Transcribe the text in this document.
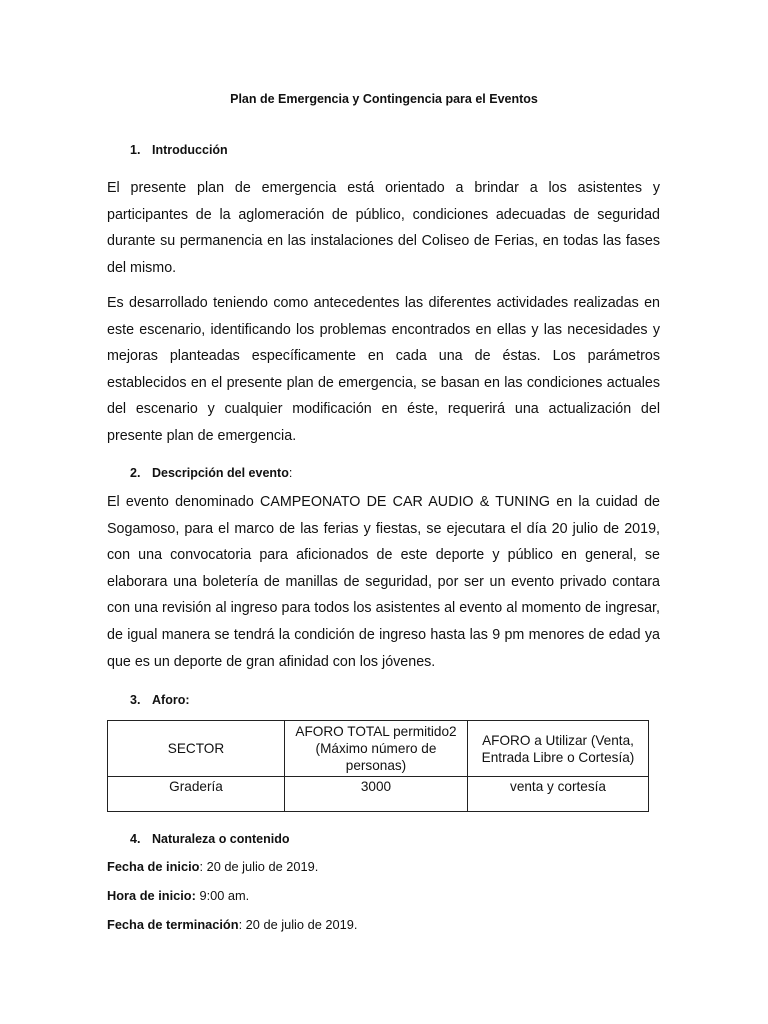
Plan de Emergencia y Contingencia para el Eventos
1. Introducción
El presente plan de emergencia está orientado a brindar a los asistentes y participantes de la aglomeración de público, condiciones adecuadas de seguridad durante su permanencia en las instalaciones del Coliseo de Ferias, en todas las fases del mismo.
Es desarrollado teniendo como antecedentes las diferentes actividades realizadas en este escenario, identificando los problemas encontrados en ellas y las necesidades y mejoras planteadas específicamente en cada una de éstas. Los parámetros establecidos en el presente plan de emergencia, se basan en las condiciones actuales del escenario y cualquier modificación en éste, requerirá una actualización del presente plan de emergencia.
2. Descripción del evento:
El evento denominado CAMPEONATO DE CAR AUDIO & TUNING en la cuidad de Sogamoso, para el marco de las ferias y fiestas, se ejecutara el día 20 julio de 2019, con una convocatoria para aficionados de este deporte y público en general, se elaborara una boletería de manillas de seguridad, por ser un evento privado contara con una revisión al ingreso para todos los asistentes al evento al momento de ingresar, de igual manera se tendrá la condición de ingreso hasta las 9 pm menores de edad ya que es un deporte de gran afinidad con los jóvenes.
3. Aforo:
SECTOR	AFORO TOTAL permitido2 (Máximo número de personas)	AFORO a Utilizar (Venta, Entrada Libre o Cortesía)
Gradería	3000	venta y cortesía
4. Naturaleza o contenido
Fecha de inicio: 20 de julio de 2019.
Hora de inicio: 9:00 am.
Fecha de terminación: 20 de julio de 2019.
